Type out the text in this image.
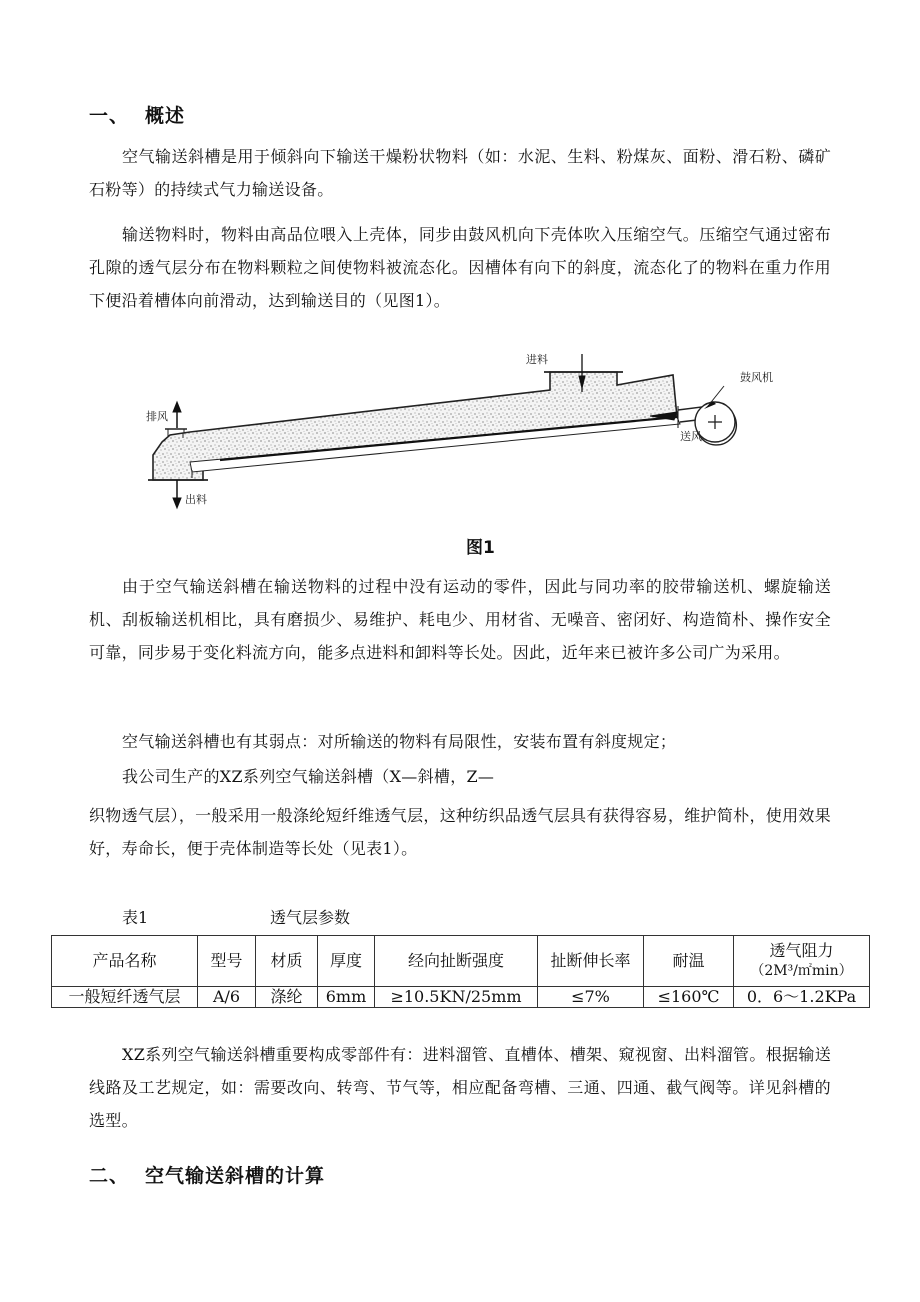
一、 概述
空气输送斜槽是用于倾斜向下输送干燥粉状物料（如：水泥、生料、粉煤灰、面粉、滑石粉、磷矿石粉等）的持续式气力输送设备。
输送物料时，物料由高品位喂入上壳体，同步由鼓风机向下壳体吹入压缩空气。压缩空气通过密布孔隙的透气层分布在物料颗粒之间使物料被流态化。因槽体有向下的斜度，流态化了的物料在重力作用下便沿着槽体向前滑动，达到输送目的（见图1）。
排风
出料
进料
鼓风机
送风
图1
由于空气输送斜槽在输送物料的过程中没有运动的零件，因此与同功率的胶带输送机、螺旋输送机、刮板输送机相比，具有磨损少、易维护、耗电少、用材省、无噪音、密闭好、构造简朴、操作安全可靠，同步易于变化料流方向，能多点进料和卸料等长处。因此，近年来已被许多公司广为采用。
空气输送斜槽也有其弱点：对所输送的物料有局限性，安装布置有斜度规定；
我公司生产的XZ系列空气输送斜槽（X—斜槽，Z—
织物透气层），一般采用一般涤纶短纤维透气层，这种纺织品透气层具有获得容易，维护简朴，使用效果好，寿命长，便于壳体制造等长处（见表1）。
表1	透气层参数
产品名称	型号	材质	厚度	经向扯断强度	扯断伸长率	耐温	透气阻力
（2M³/㎡min）

一般短纤透气层	A/6	涤纶	6mm	≥10.5KN/25mm	≤7%	≤160℃	0．6～1.2KPa
XZ系列空气输送斜槽重要构成零部件有：进料溜管、直槽体、槽架、窥视窗、出料溜管。根据输送线路及工艺规定，如：需要改向、转弯、节气等，相应配备弯槽、三通、四通、截气阀等。详见斜槽的选型。
二、 空气输送斜槽的计算
